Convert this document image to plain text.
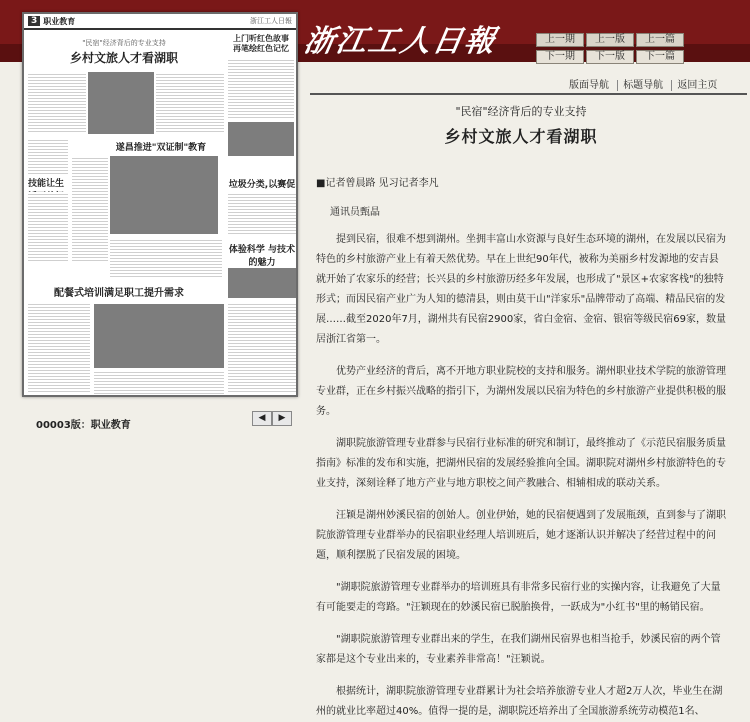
浙江工人日報	上一期	上一版	上一篇
下一期	下一版	下一篇
3 职业教育	浙江工人日報
"民宿"经济背后的专业支持
乡村文旅人才看湖职
上门听红色故事 再笔绘红色记忆
技能让生
遂昌推进"双证制"教育
垃圾分类,以赛促
体验科学 与技术的魅力
配餐式培训满足职工提升需求
00003版：职业教育
◀	▶
版面导航 标题导航 返回主页
"民宿"经济背后的专业支持
乡村文旅人才看湖职
■记者曾晨路 见习记者李凡
通讯员甄晶

提到民宿，很难不想到湖州。坐拥丰富山水资源与良好生态环境的湖州，在发展以民宿为特色的乡村旅游产业上有着天然优势。早在上世纪90年代，被称为美丽乡村发源地的安吉县就开始了农家乐的经营；长兴县的乡村旅游历经多年发展，也形成了"景区+农家客栈"的独特形式；而因民宿产业广为人知的德清县，则由莫干山"洋家乐"品牌带动了高端、精品民宿的发展……截至2020年7月，湖州共有民宿2900家，省白金宿、金宿、银宿等级民宿69家，数量居浙江省第一。

优势产业经济的背后，离不开地方职业院校的支持和服务。湖州职业技术学院的旅游管理专业群，正在乡村振兴战略的指引下，为湖州发展以民宿为特色的乡村旅游产业提供积极的服务。

湖职院旅游管理专业群参与民宿行业标准的研究和制订，最终推动了《示范民宿服务质量指南》标准的发布和实施，把湖州民宿的发展经验推向全国。湖职院对湖州乡村旅游特色的专业支持，深刻诠释了地方产业与地方职校之间产教融合、相辅相成的联动关系。

汪颖是湖州妙溪民宿的创始人。创业伊始，她的民宿便遇到了发展瓶颈，直到参与了湖职院旅游管理专业群举办的民宿职业经理人培训班后，她才逐渐认识并解决了经营过程中的问题，顺利摆脱了民宿发展的困境。

"湖职院旅游管理专业群举办的培训班具有非常多民宿行业的实操内容，让我避免了大量有可能要走的弯路。"汪颖现在的妙溪民宿已脱胎换骨，一跃成为"小红书"里的畅销民宿。

"湖职院旅游管理专业群出来的学生，在我们湖州民宿界也相当抢手，妙溪民宿的两个管家都是这个专业出来的，专业素养非常高！"汪颖说。

根据统计，湖职院旅游管理专业群累计为社会培养旅游专业人才超2万人次，毕业生在湖州的就业比率超过40%。值得一提的是，湖职院还培养出了全国旅游系统劳动模范1名、
